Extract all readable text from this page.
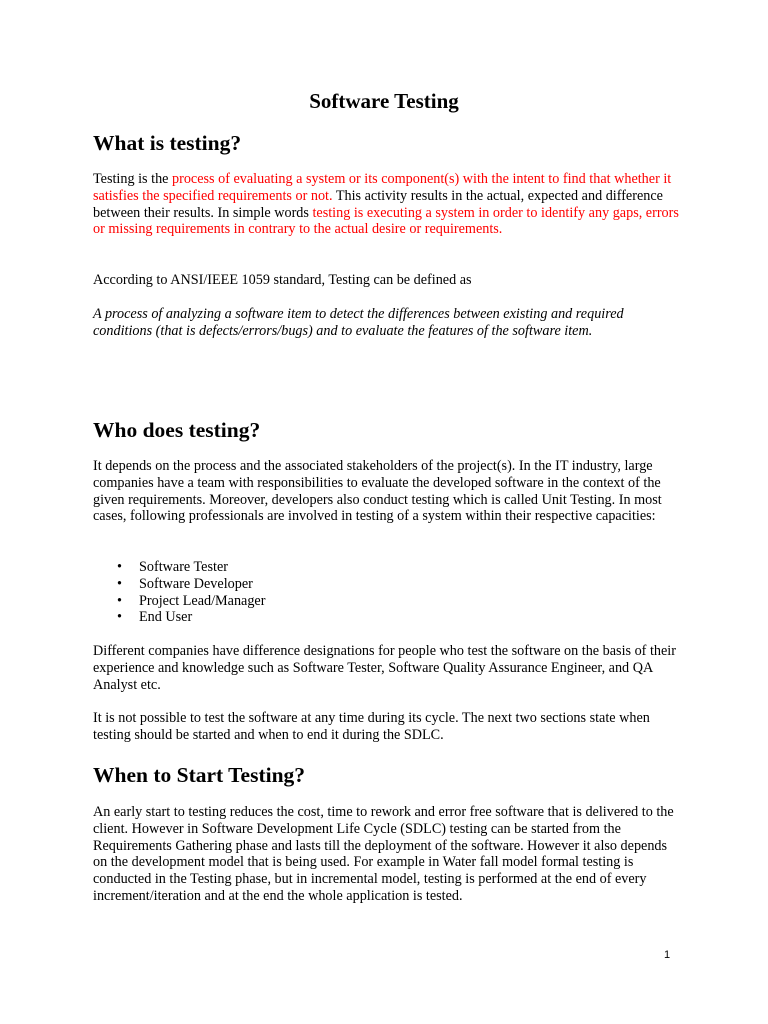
Software Testing
What is testing?

Testing is the process of evaluating a system or its component(s) with the intent to find that whether it satisfies the specified requirements or not. This activity results in the actual, expected and difference between their results. In simple words testing is executing a system in order to identify any gaps, errors or missing requirements in contrary to the actual desire or requirements.

According to ANSI/IEEE 1059 standard, Testing can be defined as

A process of analyzing a software item to detect the differences between existing and required conditions (that is defects/errors/bugs) and to evaluate the features of the software item.

Who does testing?

It depends on the process and the associated stakeholders of the project(s). In the IT industry, large companies have a team with responsibilities to evaluate the developed software in the context of the given requirements. Moreover, developers also conduct testing which is called Unit Testing. In most cases, following professionals are involved in testing of a system within their respective capacities:

• Software Tester
• Software Developer
• Project Lead/Manager
• End User

Different companies have difference designations for people who test the software on the basis of their experience and knowledge such as Software Tester, Software Quality Assurance Engineer, and QA Analyst etc.

It is not possible to test the software at any time during its cycle. The next two sections state when testing should be started and when to end it during the SDLC.

When to Start Testing?

An early start to testing reduces the cost, time to rework and error free software that is delivered to the client. However in Software Development Life Cycle (SDLC) testing can be started from the Requirements Gathering phase and lasts till the deployment of the software. However it also depends on the development model that is being used. For example in Water fall model formal testing is conducted in the Testing phase, but in incremental model, testing is performed at the end of every increment/iteration and at the end the whole application is tested.

1
